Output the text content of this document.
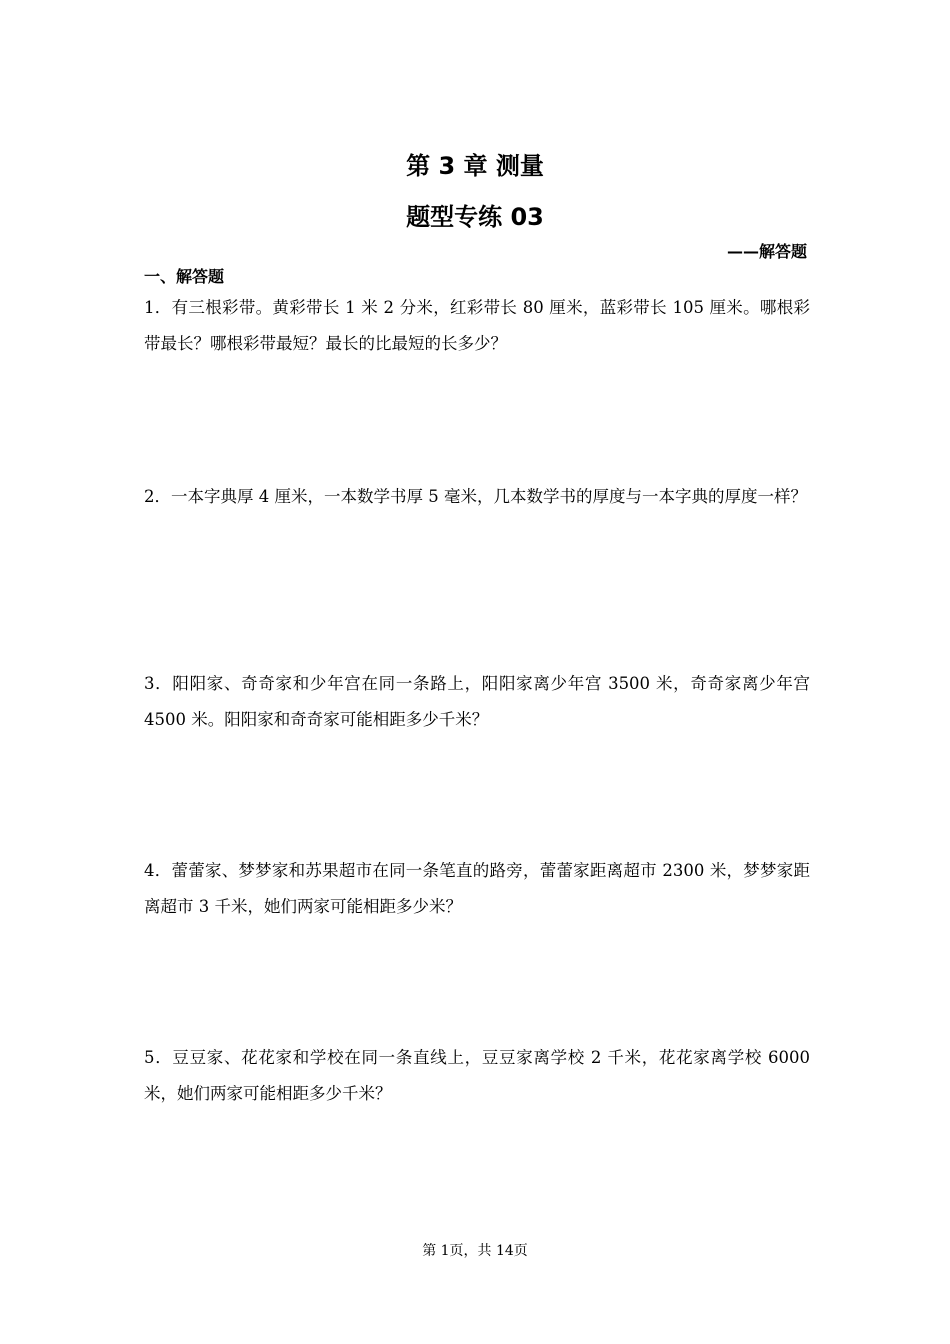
第 3 章 测量
题型专练 03
——解答题
一、解答题
1．有三根彩带。黄彩带长 1 米 2 分米，红彩带长 80 厘米，蓝彩带长 105 厘米。哪根彩带最长？哪根彩带最短？最长的比最短的长多少？
2．一本字典厚 4 厘米，一本数学书厚 5 毫米，几本数学书的厚度与一本字典的厚度一样？
3．阳阳家、奇奇家和少年宫在同一条路上，阳阳家离少年宫 3500 米，奇奇家离少年宫 4500 米。阳阳家和奇奇家可能相距多少千米？
4．蕾蕾家、梦梦家和苏果超市在同一条笔直的路旁，蕾蕾家距离超市 2300 米，梦梦家距离超市 3 千米，她们两家可能相距多少米？
5．豆豆家、花花家和学校在同一条直线上，豆豆家离学校 2 千米，花花家离学校 6000 米，她们两家可能相距多少千米？
第 1页，共 14页
